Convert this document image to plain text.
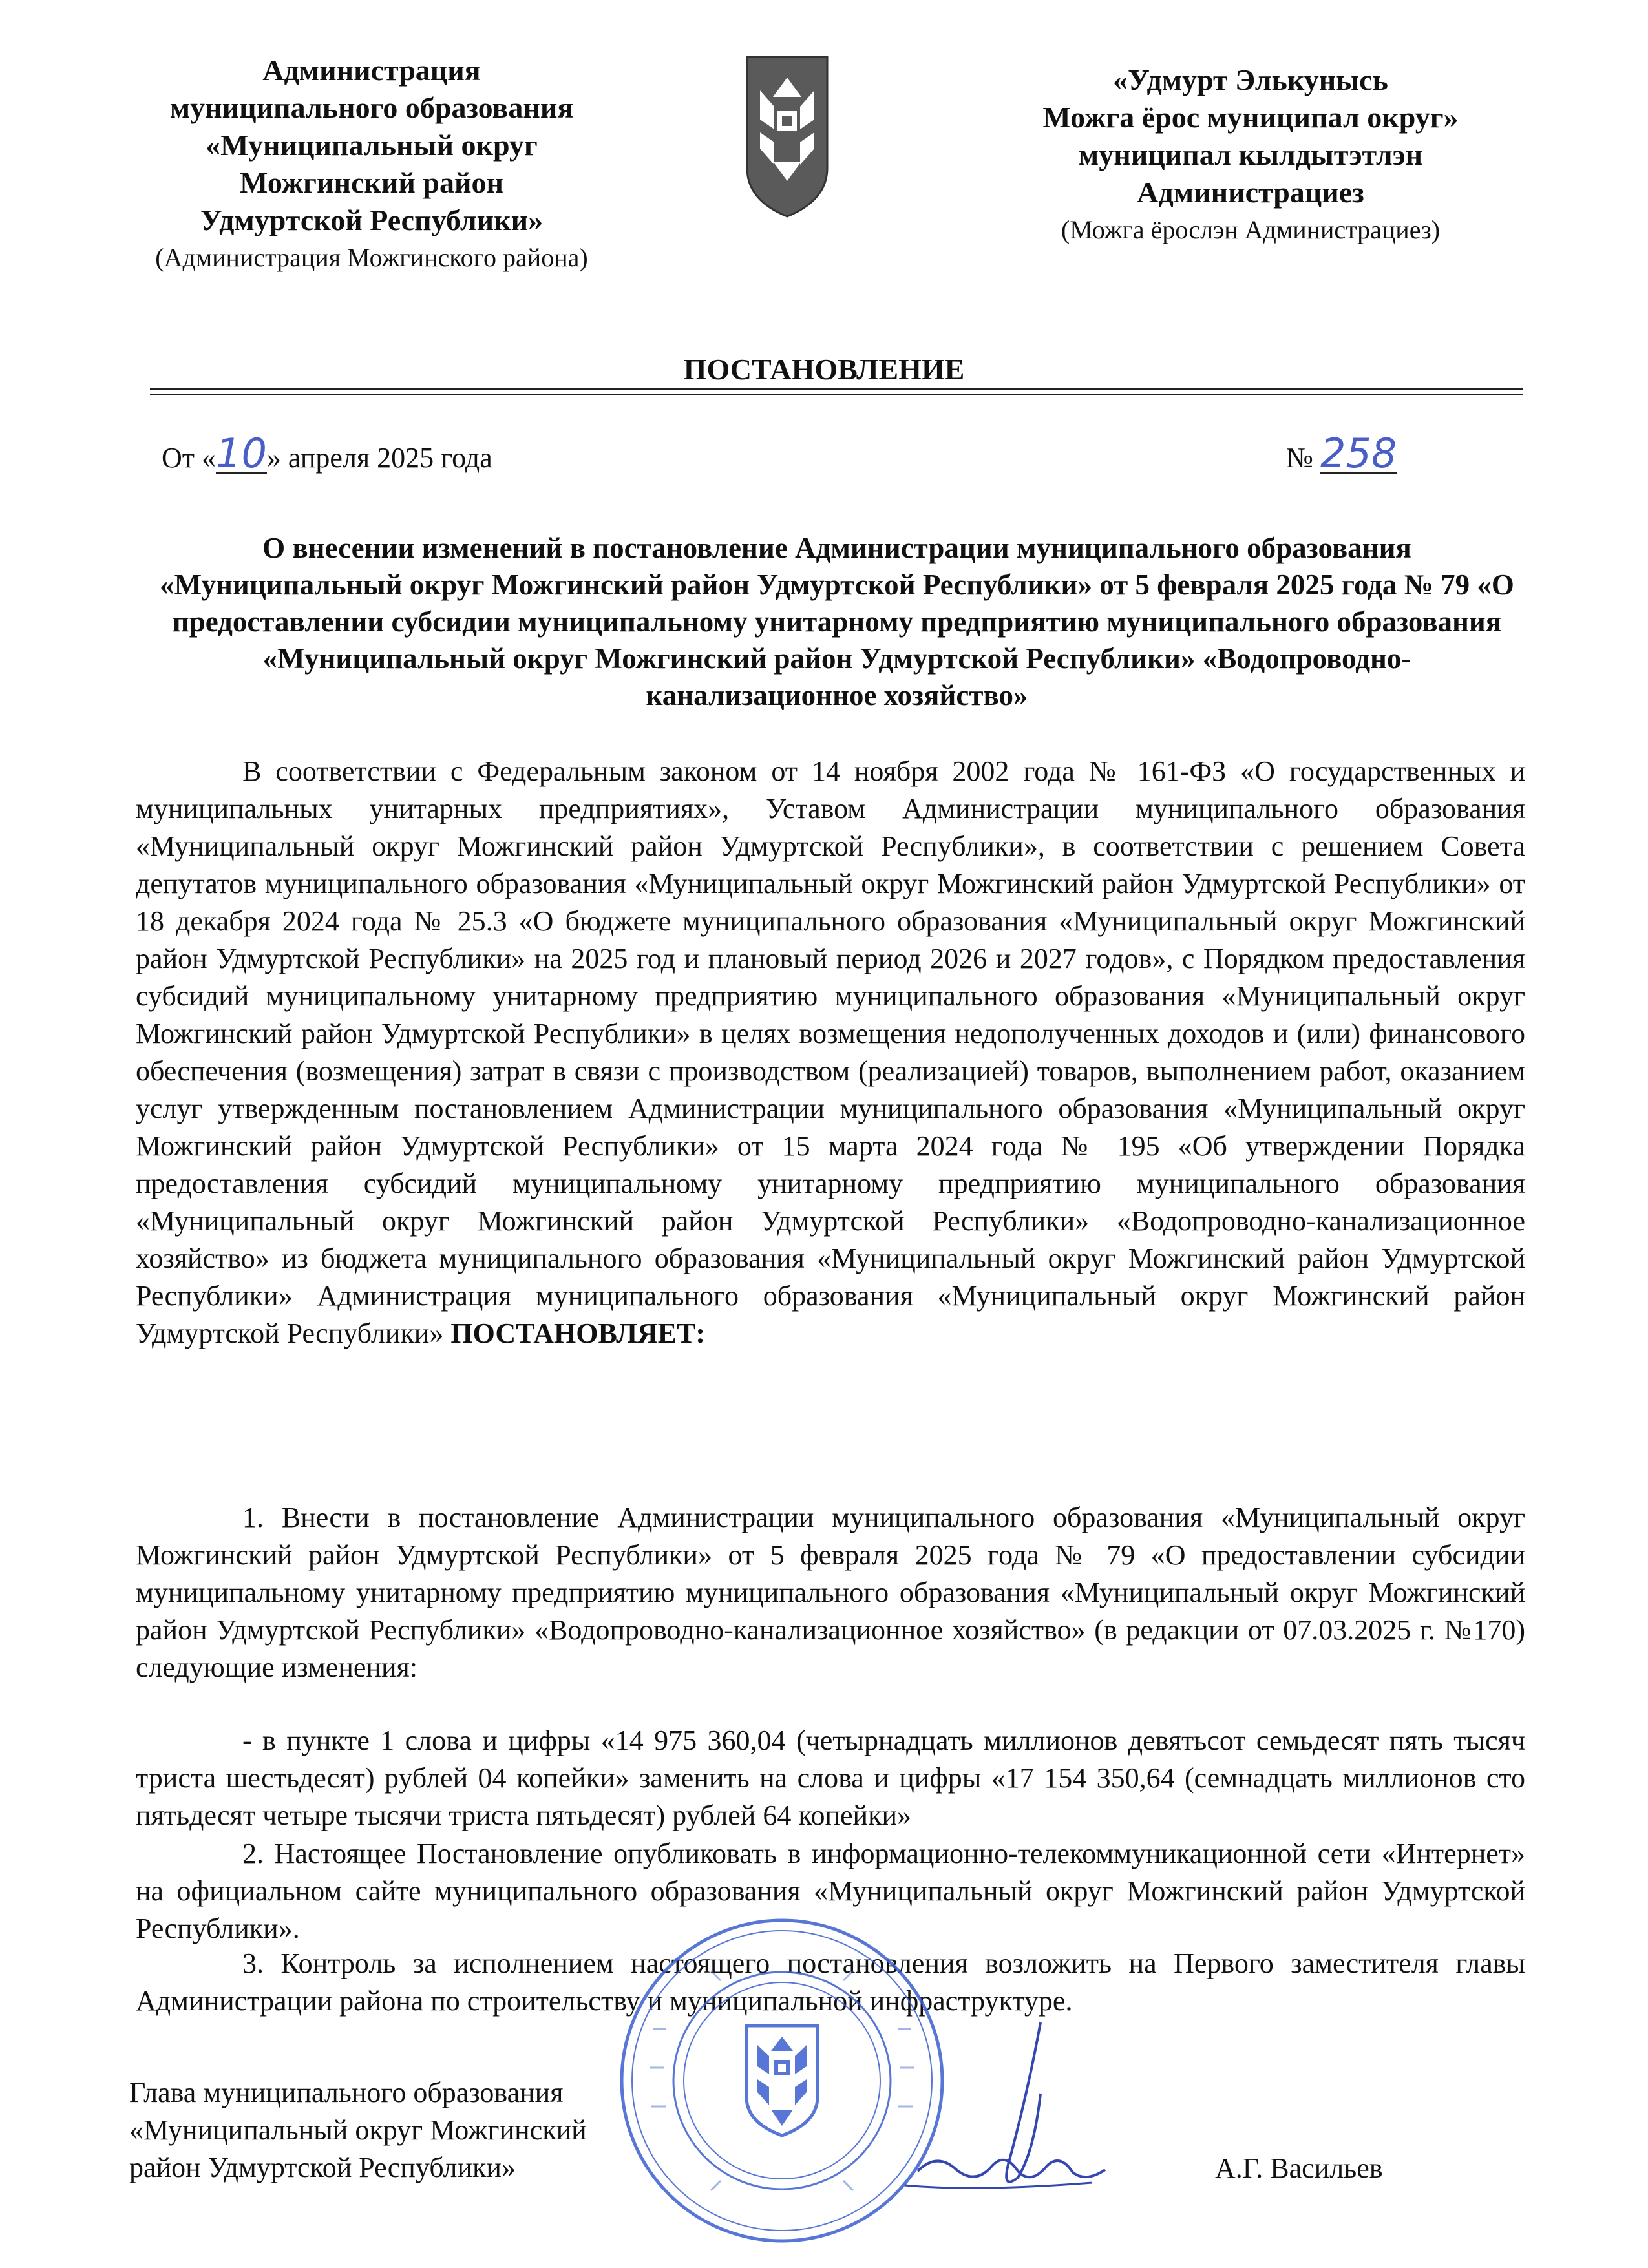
Администрация
муниципального образования
«Муниципальный округ
Можгинский район
Удмуртской Республики»
(Администрация Можгинского района)
«Удмурт Элькунысь
Можга ёрос муниципал округ»
муниципал кылдытэтлэн
Администрациез
(Можга ёрослэн Администрациез)
ПОСТАНОВЛЕНИЕ
От «10» апреля 2025 года	№ 258
О внесении изменений в постановление Администрации муниципального образования «Муниципальный округ Можгинский район Удмуртской Республики» от 5 февраля 2025 года № 79 «О предоставлении субсидии муниципальному унитарному предприятию муниципального образования «Муниципальный округ Можгинский район Удмуртской Республики» «Водопроводно-канализационное хозяйство»
В соответствии с Федеральным законом от 14 ноября 2002 года № 161-ФЗ «О государственных и муниципальных унитарных предприятиях», Уставом Администрации муниципального образования «Муниципальный округ Можгинский район Удмуртской Республики», в соответствии с решением Совета депутатов муниципального образования «Муниципальный округ Можгинский район Удмуртской Республики» от 18 декабря 2024 года № 25.3 «О бюджете муниципального образования «Муниципальный округ Можгинский район Удмуртской Республики» на 2025 год и плановый период 2026 и 2027 годов», с Порядком предоставления субсидий муниципальному унитарному предприятию муниципального образования «Муниципальный округ Можгинский район Удмуртской Республики» в целях возмещения недополученных доходов и (или) финансового обеспечения (возмещения) затрат в связи с производством (реализацией) товаров, выполнением работ, оказанием услуг утвержденным постановлением Администрации муниципального образования «Муниципальный округ Можгинский район Удмуртской Республики» от 15 марта 2024 года № 195 «Об утверждении Порядка предоставления субсидий муниципальному унитарному предприятию муниципального образования «Муниципальный округ Можгинский район Удмуртской Республики» «Водопроводно-канализационное хозяйство» из бюджета муниципального образования «Муниципальный округ Можгинский район Удмуртской Республики» Администрация муниципального образования «Муниципальный округ Можгинский район Удмуртской Республики» ПОСТАНОВЛЯЕТ:
1. Внести в постановление Администрации муниципального образования «Муниципальный округ Можгинский район Удмуртской Республики» от 5 февраля 2025 года № 79 «О предоставлении субсидии муниципальному унитарному предприятию муниципального образования «Муниципальный округ Можгинский район Удмуртской Республики» «Водопроводно-канализационное хозяйство» (в редакции от 07.03.2025 г. №170) следующие изменения:
- в пункте 1 слова и цифры «14 975 360,04 (четырнадцать миллионов девятьсот семьдесят пять тысяч триста шестьдесят) рублей 04 копейки» заменить на слова и цифры «17 154 350,64 (семнадцать миллионов сто пятьдесят четыре тысячи триста пятьдесят) рублей 64 копейки»
2. Настоящее Постановление опубликовать в информационно-телекоммуникационной сети «Интернет» на официальном сайте муниципального образования «Муниципальный округ Можгинский район Удмуртской Республики».
3. Контроль за исполнением настоящего постановления возложить на Первого заместителя главы Администрации района по строительству и муниципальной инфраструктуре.
Глава муниципального образования
«Муниципальный округ Можгинский
район Удмуртской Республики»	А.Г. Васильев
